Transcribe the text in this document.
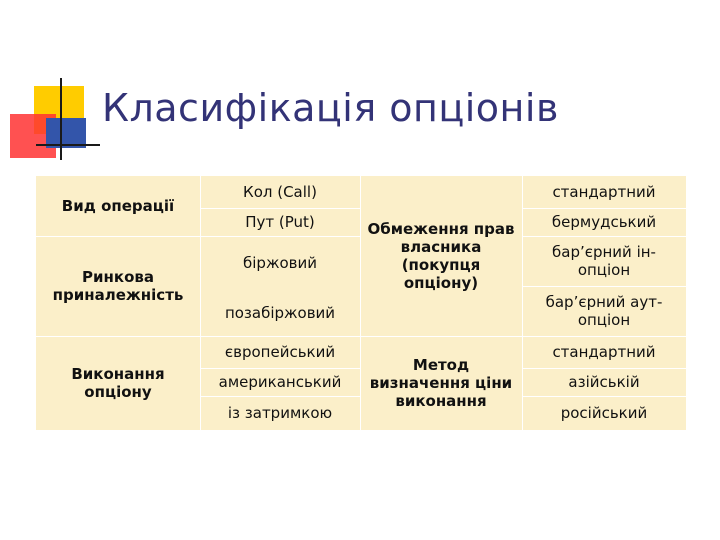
Класифікація опціонів
Вид операції
Ринкова приналежність
Виконання опціону
Кол (Call)
Пут (Put)
біржовий
позабіржовий
європейський
американський
із затримкою
Обмеження прав власника (покупця опціону)
Метод визначення ціни виконання
стандартний
бермудський
бар’єрний ін-опціон
бар’єрний аут-опціон
стандартний
азійській
російський
